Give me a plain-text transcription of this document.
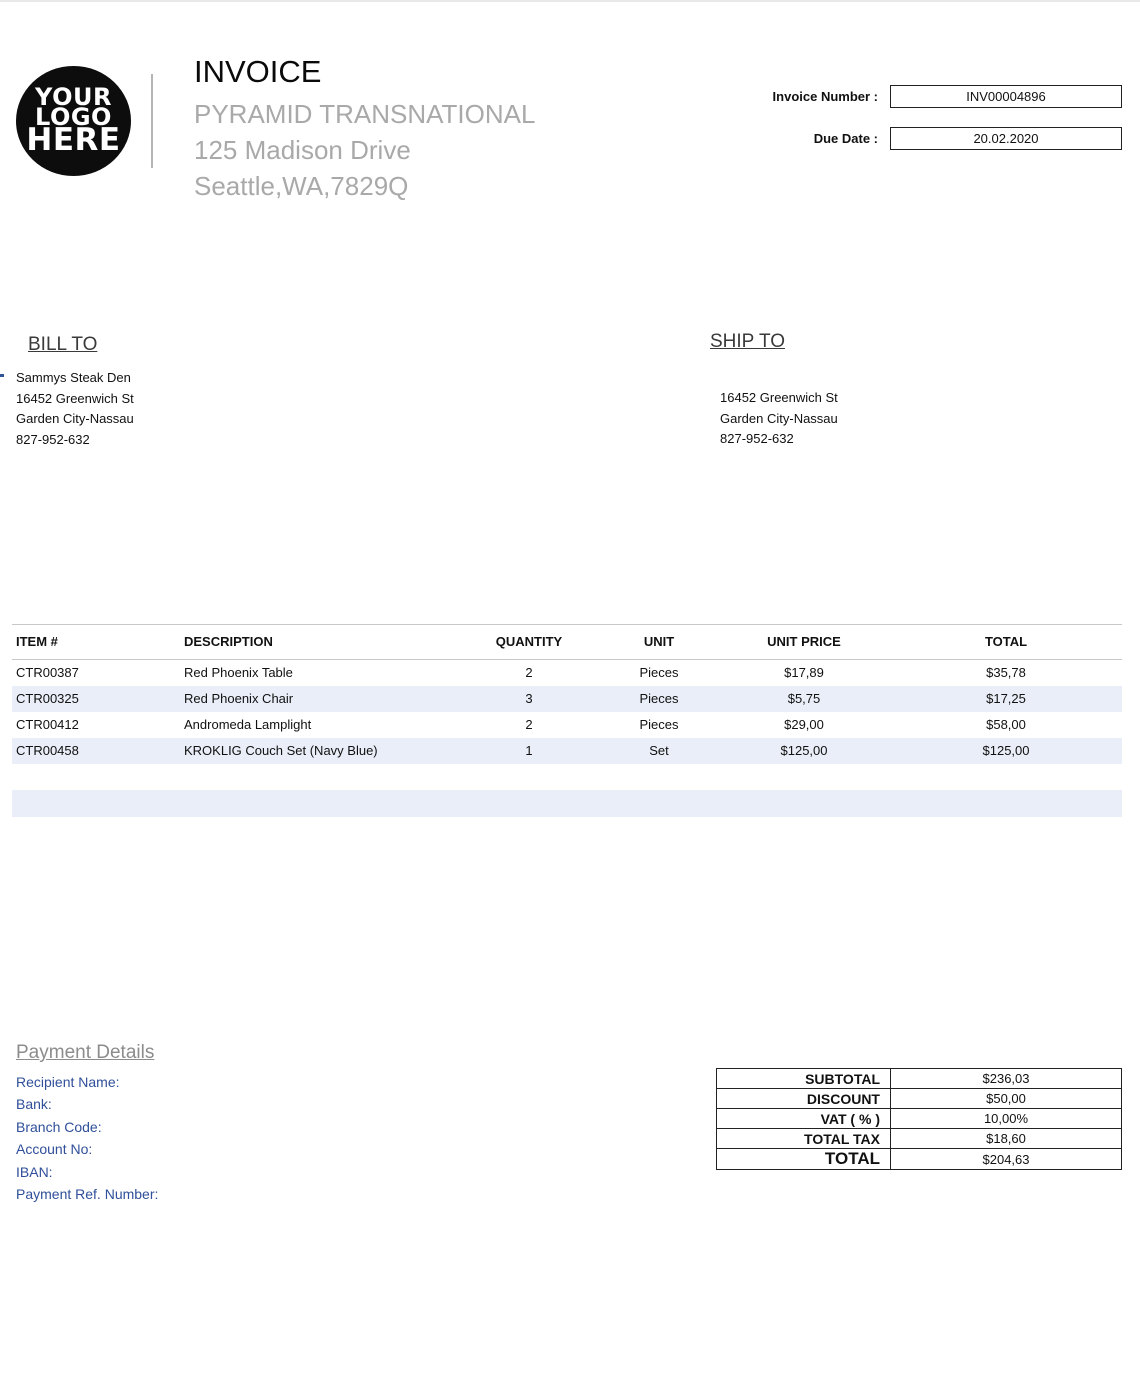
YOUR
LOGO
HERE
INVOICE
PYRAMID TRANSNATIONAL
125 Madison Drive
Seattle,WA,7829Q
Invoice Number :	INV00004896
Due Date :	20.02.2020
BILL TO
Sammys Steak Den
16452 Greenwich St
Garden City-Nassau
827-952-632
SHIP TO
16452 Greenwich St
Garden City-Nassau
827-952-632
ITEM #	DESCRIPTION	QUANTITY	UNIT	UNIT PRICE	TOTAL
CTR00387	Red Phoenix Table	2	Pieces	$17,89	$35,78
CTR00325	Red Phoenix Chair	3	Pieces	$5,75	$17,25
CTR00412	Andromeda Lamplight	2	Pieces	$29,00	$58,00
CTR00458	KROKLIG Couch Set (Navy Blue)	1	Set	$125,00	$125,00
Payment Details
Recipient Name:
Bank:
Branch Code:
Account No:
IBAN:
Payment Ref. Number:
SUBTOTAL	$236,03
DISCOUNT	$50,00
VAT ( % )	10,00%
TOTAL TAX	$18,60
TOTAL	$204,63
